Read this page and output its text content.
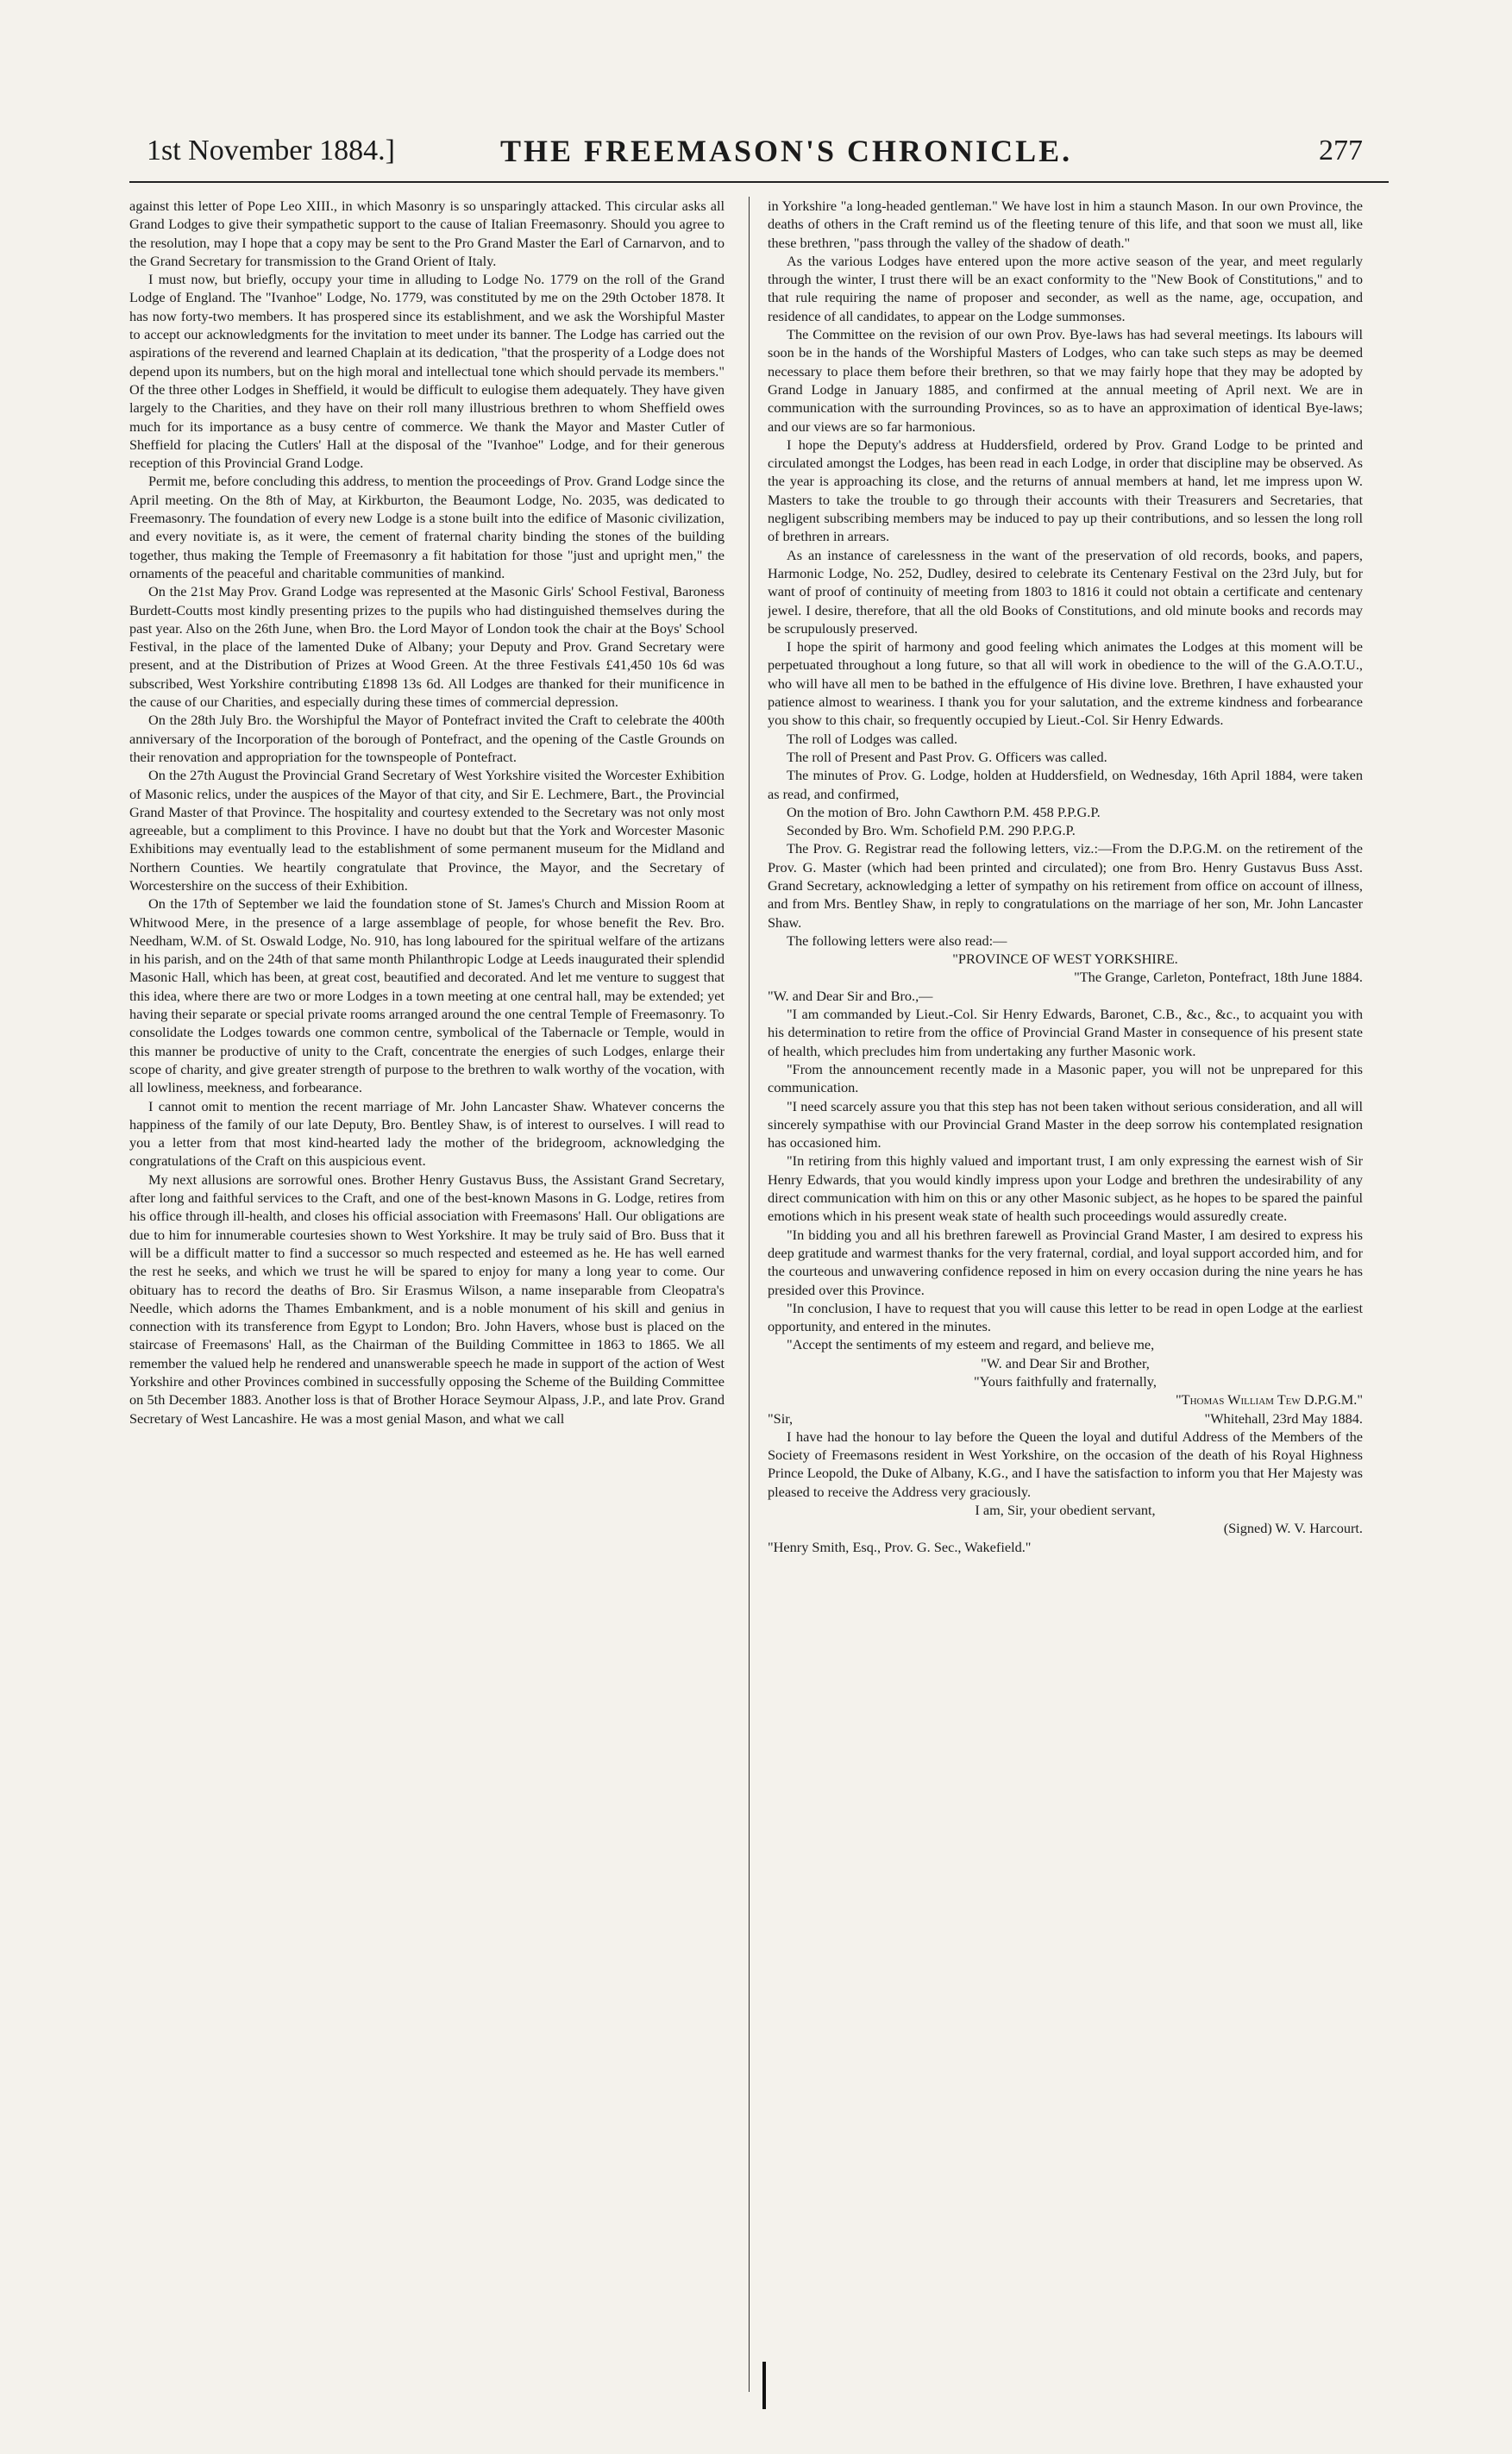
1st November 1884.]	THE FREEMASON'S CHRONICLE.	277

against this letter of Pope Leo XIII., in which Masonry is so unsparingly attacked. This circular asks all Grand Lodges to give their sympathetic support to the cause of Italian Freemasonry. Should you agree to the resolution, may I hope that a copy may be sent to the Pro Grand Master the Earl of Carnarvon, and to the Grand Secretary for transmission to the Grand Orient of Italy.

I must now, but briefly, occupy your time in alluding to Lodge No. 1779 on the roll of the Grand Lodge of England. The "Ivanhoe" Lodge, No. 1779, was constituted by me on the 29th October 1878. It has now forty-two members. It has prospered since its establishment, and we ask the Worshipful Master to accept our acknowledgments for the invitation to meet under its banner. The Lodge has carried out the aspirations of the reverend and learned Chaplain at its dedication, "that the prosperity of a Lodge does not depend upon its numbers, but on the high moral and intellectual tone which should pervade its members." Of the three other Lodges in Sheffield, it would be difficult to eulogise them adequately. They have given largely to the Charities, and they have on their roll many illustrious brethren to whom Sheffield owes much for its importance as a busy centre of commerce. We thank the Mayor and Master Cutler of Sheffield for placing the Cutlers' Hall at the disposal of the "Ivanhoe" Lodge, and for their generous reception of this Provincial Grand Lodge.

Permit me, before concluding this address, to mention the proceedings of Prov. Grand Lodge since the April meeting. On the 8th of May, at Kirkburton, the Beaumont Lodge, No. 2035, was dedicated to Freemasonry. The foundation of every new Lodge is a stone built into the edifice of Masonic civilization, and every novitiate is, as it were, the cement of fraternal charity binding the stones of the building together, thus making the Temple of Freemasonry a fit habitation for those "just and upright men," the ornaments of the peaceful and charitable communities of mankind.

On the 21st May Prov. Grand Lodge was represented at the Masonic Girls' School Festival, Baroness Burdett-Coutts most kindly presenting prizes to the pupils who had distinguished themselves during the past year. Also on the 26th June, when Bro. the Lord Mayor of London took the chair at the Boys' School Festival, in the place of the lamented Duke of Albany; your Deputy and Prov. Grand Secretary were present, and at the Distribution of Prizes at Wood Green. At the three Festivals £41,450 10s 6d was subscribed, West Yorkshire contributing £1898 13s 6d. All Lodges are thanked for their munificence in the cause of our Charities, and especially during these times of commercial depression.

On the 28th July Bro. the Worshipful the Mayor of Pontefract invited the Craft to celebrate the 400th anniversary of the Incorporation of the borough of Pontefract, and the opening of the Castle Grounds on their renovation and appropriation for the townspeople of Pontefract.

On the 27th August the Provincial Grand Secretary of West Yorkshire visited the Worcester Exhibition of Masonic relics, under the auspices of the Mayor of that city, and Sir E. Lechmere, Bart., the Provincial Grand Master of that Province. The hospitality and courtesy extended to the Secretary was not only most agreeable, but a compliment to this Province. I have no doubt but that the York and Worcester Masonic Exhibitions may eventually lead to the establishment of some permanent museum for the Midland and Northern Counties. We heartily congratulate that Province, the Mayor, and the Secretary of Worcestershire on the success of their Exhibition.

On the 17th of September we laid the foundation stone of St. James's Church and Mission Room at Whitwood Mere, in the presence of a large assemblage of people, for whose benefit the Rev. Bro. Needham, W.M. of St. Oswald Lodge, No. 910, has long laboured for the spiritual welfare of the artizans in his parish, and on the 24th of that same month Philanthropic Lodge at Leeds inaugurated their splendid Masonic Hall, which has been, at great cost, beautified and decorated. And let me venture to suggest that this idea, where there are two or more Lodges in a town meeting at one central hall, may be extended; yet having their separate or special private rooms arranged around the one central Temple of Freemasonry. To consolidate the Lodges towards one common centre, symbolical of the Tabernacle or Temple, would in this manner be productive of unity to the Craft, concentrate the energies of such Lodges, enlarge their scope of charity, and give greater strength of purpose to the brethren to walk worthy of the vocation, with all lowliness, meekness, and forbearance.

I cannot omit to mention the recent marriage of Mr. John Lancaster Shaw. Whatever concerns the happiness of the family of our late Deputy, Bro. Bentley Shaw, is of interest to ourselves. I will read to you a letter from that most kind-hearted lady the mother of the bridegroom, acknowledging the congratulations of the Craft on this auspicious event.

My next allusions are sorrowful ones. Brother Henry Gustavus Buss, the Assistant Grand Secretary, after long and faithful services to the Craft, and one of the best-known Masons in G. Lodge, retires from his office through ill-health, and closes his official association with Freemasons' Hall. Our obligations are due to him for innumerable courtesies shown to West Yorkshire. It may be truly said of Bro. Buss that it will be a difficult matter to find a successor so much respected and esteemed as he. He has well earned the rest he seeks, and which we trust he will be spared to enjoy for many a long year to come. Our obituary has to record the deaths of Bro. Sir Erasmus Wilson, a name inseparable from Cleopatra's Needle, which adorns the Thames Embankment, and is a noble monument of his skill and genius in connection with its transference from Egypt to London; Bro. John Havers, whose bust is placed on the staircase of Freemasons' Hall, as the Chairman of the Building Committee in 1863 to 1865. We all remember the valued help he rendered and unanswerable speech he made in support of the action of West Yorkshire and other Provinces combined in successfully opposing the Scheme of the Building Committee on 5th December 1883. Another loss is that of Brother Horace Seymour Alpass, J.P., and late Prov. Grand Secretary of West Lancashire. He was a most genial Mason, and what we call

in Yorkshire "a long-headed gentleman." We have lost in him a staunch Mason. In our own Province, the deaths of others in the Craft remind us of the fleeting tenure of this life, and that soon we must all, like these brethren, "pass through the valley of the shadow of death."

As the various Lodges have entered upon the more active season of the year, and meet regularly through the winter, I trust there will be an exact conformity to the "New Book of Constitutions," and to that rule requiring the name of proposer and seconder, as well as the name, age, occupation, and residence of all candidates, to appear on the Lodge summonses.

The Committee on the revision of our own Prov. Bye-laws has had several meetings. Its labours will soon be in the hands of the Worshipful Masters of Lodges, who can take such steps as may be deemed necessary to place them before their brethren, so that we may fairly hope that they may be adopted by Grand Lodge in January 1885, and confirmed at the annual meeting of April next. We are in communication with the surrounding Provinces, so as to have an approximation of identical Bye-laws; and our views are so far harmonious.

I hope the Deputy's address at Huddersfield, ordered by Prov. Grand Lodge to be printed and circulated amongst the Lodges, has been read in each Lodge, in order that discipline may be observed. As the year is approaching its close, and the returns of annual members at hand, let me impress upon W. Masters to take the trouble to go through their accounts with their Treasurers and Secretaries, that negligent subscribing members may be induced to pay up their contributions, and so lessen the long roll of brethren in arrears.

As an instance of carelessness in the want of the preservation of old records, books, and papers, Harmonic Lodge, No. 252, Dudley, desired to celebrate its Centenary Festival on the 23rd July, but for want of proof of continuity of meeting from 1803 to 1816 it could not obtain a certificate and centenary jewel. I desire, therefore, that all the old Books of Constitutions, and old minute books and records may be scrupulously preserved.

I hope the spirit of harmony and good feeling which animates the Lodges at this moment will be perpetuated throughout a long future, so that all will work in obedience to the will of the G.A.O.T.U., who will have all men to be bathed in the effulgence of His divine love. Brethren, I have exhausted your patience almost to weariness. I thank you for your salutation, and the extreme kindness and forbearance you show to this chair, so frequently occupied by Lieut.-Col. Sir Henry Edwards.

The roll of Lodges was called.

The roll of Present and Past Prov. G. Officers was called.

The minutes of Prov. G. Lodge, holden at Huddersfield, on Wednesday, 16th April 1884, were taken as read, and confirmed,

On the motion of Bro. John Cawthorn P.M. 458 P.P.G.P.

Seconded by Bro. Wm. Schofield P.M. 290 P.P.G.P.

The Prov. G. Registrar read the following letters, viz.:—From the D.P.G.M. on the retirement of the Prov. G. Master (which had been printed and circulated); one from Bro. Henry Gustavus Buss Asst. Grand Secretary, acknowledging a letter of sympathy on his retirement from office on account of illness, and from Mrs. Bentley Shaw, in reply to congratulations on the marriage of her son, Mr. John Lancaster Shaw.

The following letters were also read:—

"PROVINCE OF WEST YORKSHIRE.

"The Grange, Carleton, Pontefract, 18th June 1884.

"W. and Dear Sir and Bro.,—

"I am commanded by Lieut.-Col. Sir Henry Edwards, Baronet, C.B., &c., &c., to acquaint you with his determination to retire from the office of Provincial Grand Master in consequence of his present state of health, which precludes him from undertaking any further Masonic work.

"From the announcement recently made in a Masonic paper, you will not be unprepared for this communication.

"I need scarcely assure you that this step has not been taken without serious consideration, and all will sincerely sympathise with our Provincial Grand Master in the deep sorrow his contemplated resignation has occasioned him.

"In retiring from this highly valued and important trust, I am only expressing the earnest wish of Sir Henry Edwards, that you would kindly impress upon your Lodge and brethren the undesirability of any direct communication with him on this or any other Masonic subject, as he hopes to be spared the painful emotions which in his present weak state of health such proceedings would assuredly create.

"In bidding you and all his brethren farewell as Provincial Grand Master, I am desired to express his deep gratitude and warmest thanks for the very fraternal, cordial, and loyal support accorded him, and for the courteous and unwavering confidence reposed in him on every occasion during the nine years he has presided over this Province.

"In conclusion, I have to request that you will cause this letter to be read in open Lodge at the earliest opportunity, and entered in the minutes.

"Accept the sentiments of my esteem and regard, and believe me,

"W. and Dear Sir and Brother,

"Yours faithfully and fraternally,

"Thomas William Tew D.P.G.M."

"Sir,	"Whitehall, 23rd May 1884.

I have had the honour to lay before the Queen the loyal and dutiful Address of the Members of the Society of Freemasons resident in West Yorkshire, on the occasion of the death of his Royal Highness Prince Leopold, the Duke of Albany, K.G., and I have the satisfaction to inform you that Her Majesty was pleased to receive the Address very graciously.

I am, Sir, your obedient servant,

(Signed) W. V. Harcourt.

"Henry Smith, Esq., Prov. G. Sec., Wakefield."
